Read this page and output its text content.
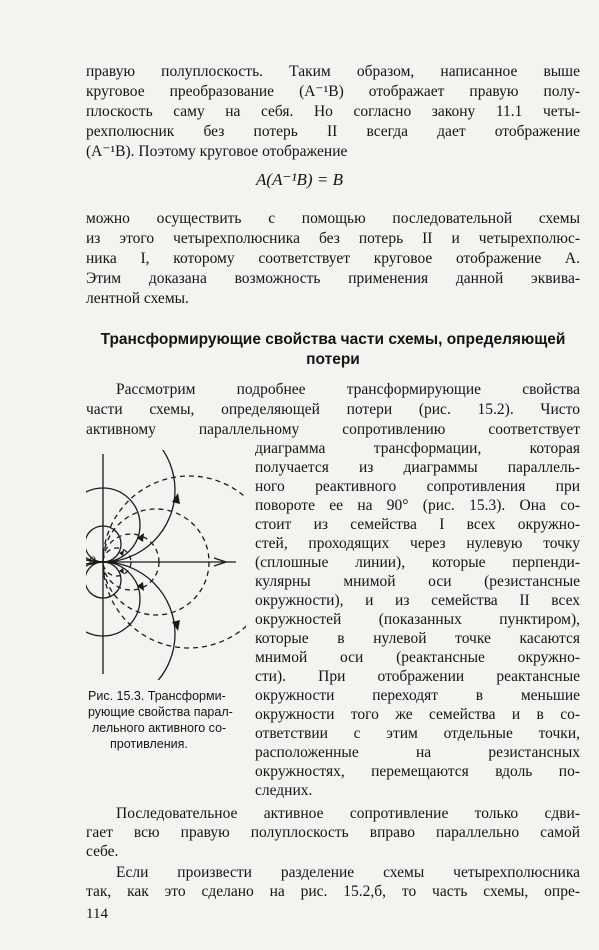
правую полуплоскость. Таким образом, написанное выше
круговое преобразование (A⁻¹B) отображает правую полу-
плоскость саму на себя. Но согласно закону 11.1 четы-
рехполюсник без потерь II всегда дает отображение
(A⁻¹B). Поэтому круговое отображение
A(A⁻¹B) = B
можно осуществить с помощью последовательной схемы
из этого четырехполюсника без потерь II и четырехполюс-
ника I, которому соответствует круговое отображение A.
Этим доказана возможность применения данной эквива-
лентной схемы.
Трансформирующие свойства части схемы, определяющей
потери
Рассмотрим подробнее трансформирующие свойства
части схемы, определяющей потери (рис. 15.2). Чисто
активному параллельному сопротивлению соответствует
диаграмма трансформации, которая
получается из диаграммы параллель-
ного реактивного сопротивления при
повороте ее на 90° (рис. 15.3). Она со-
стоит из семейства I всех окружно-
стей, проходящих через нулевую точку
(сплошные линии), которые перпенди-
кулярны мнимой оси (резистансные
окружности), и из семейства II всех
окружностей (показанных пунктиром),
которые в нулевой точке касаются
мнимой оси (реактансные окружно-
сти). При отображении реактансные
окружности переходят в меньшие
окружности того же семейства и в со-
ответствии с этим отдельные точки,
расположенные на резистансных
окружностях, перемещаются вдоль по-
следних.
0
Рис. 15.3. Трансформи-
рующие свойства парал-
лельного активного со-
противления.
Последовательное активное сопротивление только сдви-
гает всю правую полуплоскость вправо параллельно самой
себе.
Если произвести разделение схемы четырехполюсника
так, как это сделано на рис. 15.2,б, то часть схемы, опре-
114
